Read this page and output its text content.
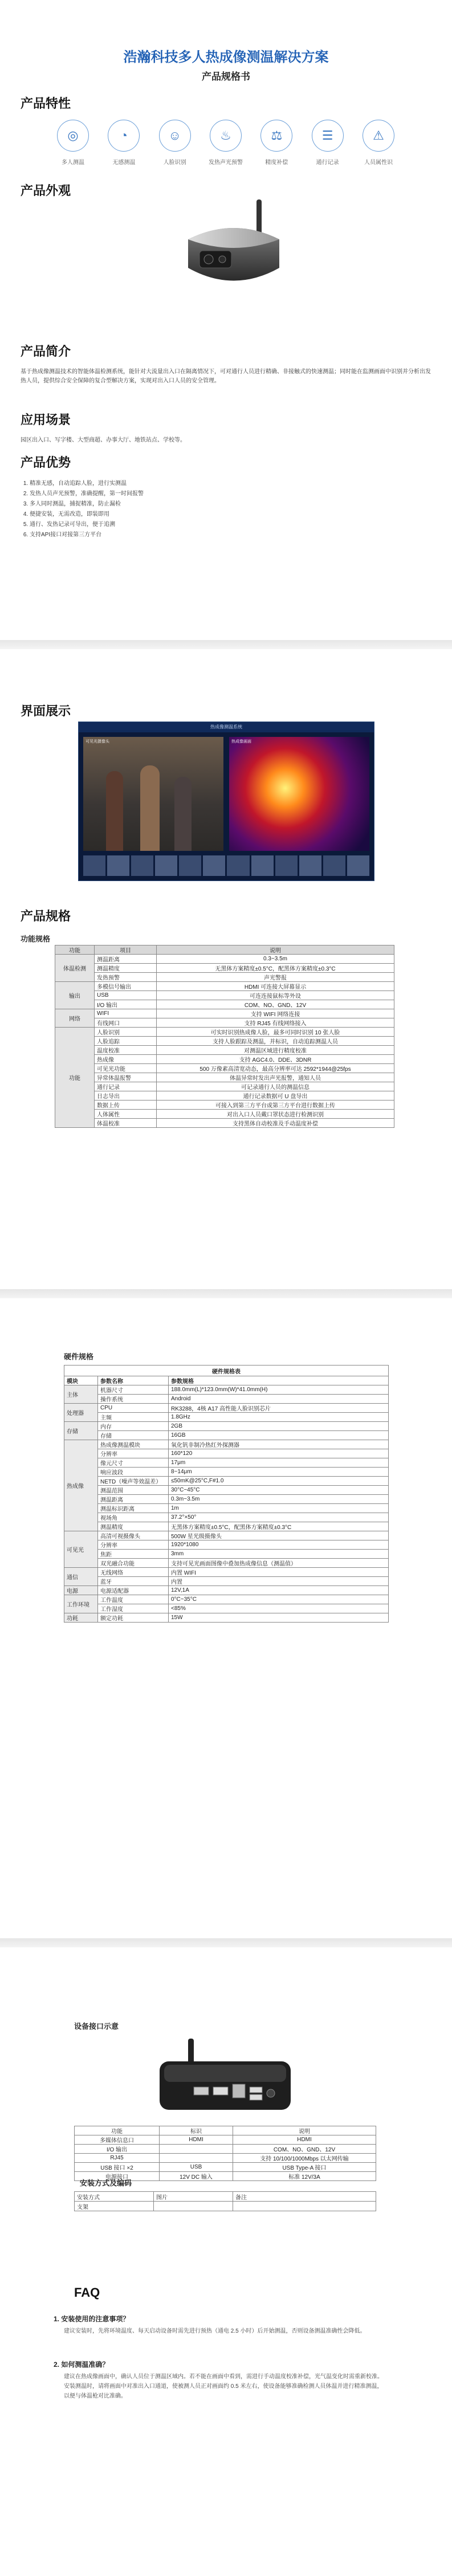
浩瀚科技多人热成像测温解决方案
产品规格书
产品特性
◎
多人测温
◔
无感测温
☺
人脸识别
♨
发热声光预警
⚖
精度补偿
☰
通行记录
⚠
人员属性识
产品外观
产品简介
基于热成像测温技术的智能体温检测系统，能针对大流量出入口在隔离情况下，可对通行人员进行精确、非接触式的快速测温；同时能在监测画面中识别并分析出发热人员，提供综合安全保障的复合型解决方案，实现对出入口人员的安全管理。
应用场景
园区出入口、写字楼、大型商超、办事大厅、地铁站点、学校等。
产品优势
1. 精准无感，自动追踪人脸，进行实测温
2. 发热人员声光预警，准确提醒，第一时间报警
3. 多人同时测温，捕捉精准，防止漏检
4. 便捷安装，无需改造，即装即用
5. 通行、发热记录可导出，便于追溯
6. 支持API接口对接第三方平台
界面展示
热成像测温系统
可见光摄像头	热成像画面
产品规格
功能规格
功能	项目	说明
体温检测	测温距离	0.3~3.5m
	测温精度	无黑体方案精度±0.5°C，配黑体方案精度±0.3°C
	发热预警	声光警报
输出	多模信号输出	HDMI 可连接大屏幕显示
	USB	可连连接鼠标等外设
	I/O 输出	COM、NO、GND、12V
网络	WIFI	支持 WIFI 网络连接
	有线网口	支持 RJ45 有线网络接入
功能	人脸识别	可实时识别热成像人脸，最多可同时识别 10 张人脸
	人脸追踪	支持人脸跟踪及测温，并标识，自动追踪测温人员
	温度校准	对测温区域进行精度校准
	热成像	支持 AGC4.0、DDE、3DNR
	可见光功能	500 万像素高清宽动态，最高分辨率可达 2592*1944@25fps
	异常体温报警	体温异常时发出声光报警，通知人员
	通行记录	可记录通行人员的测温信息
	日志导出	通行记录数据可 U 盘导出
	数据上传	可接入到第三方平台或第三方平台进行数据上传
	人体属性	对出入口人员戴口罩状态进行检测识别
	体温校准	支持黑体自动校准及手动温度补偿
硬件规格
硬件规格表		
模块	参数名称	参数规格
主体	机器尺寸	188.0mm(L)*123.0mm(W)*41.0mm(H)
	操作系统	Android
处理器	CPU	RK3288，4核 A17 高性能人脸识别芯片
	主频	1.8GHz
存储	内存	2GB
	存储	16GB
热成像	热成像测温模块	氧化钒非制冷热红外探测器
	分辨率	160*120
	像元尺寸	17μm
	响应波段	8~14μm
	NETD（噪声等效温差）	≤50mK@25°C,F#1.0
	测温范围	30°C~45°C
	测温距离	0.3m~3.5m
	测温标识距离	1m
	视场角	37.2°×50°
	测温精度	无黑体方案精度±0.5°C，配黑体方案精度±0.3°C
可见光	高清可视摄像头	500W 星光级摄像头
	分辨率	1920*1080
	焦距	3mm
	双光融合功能	支持可见光画面图像中叠加热成像信息（测温值）
通信	无线网络	内置 WIFI
	蓝牙	内置
电源	电源适配器	12V,1A
工作环境	工作温度	0°C~35°C
	工作湿度	<85%
功耗	额定功耗	15W
设备接口示意
功能	标识	说明
多媒体信息口	HDMI	HDMI
I/O 输出		COM、NO、GND、12V
RJ45		支持 10/100/1000Mbps 以太网传输
USB 接口 ×2	USB	USB Type-A 接口
电源接口	12V DC 输入	标准 12V/3A
安装方式及编码
安装方式	图片	备注
支架		
FAQ
1. 安装使用的注意事项？
建议安装时，先将环境温度、每天启动设备时需先进行预热（通电 2.5 小时）后开始测温，否则设备测温准确性会降低。
2. 如何测温准确？
建议在热成像画面中，确认人员位于测温区域内。若不能在画面中看到，需进行手动温度校准补偿，光气温变化时需重新校准。安装测温时，请将画面中对准出入口通道，使被测人员正对画面约 0.5 米左右，使设备能够准确检测人员体温并进行精准测温，以便与体温枪对比准确。
